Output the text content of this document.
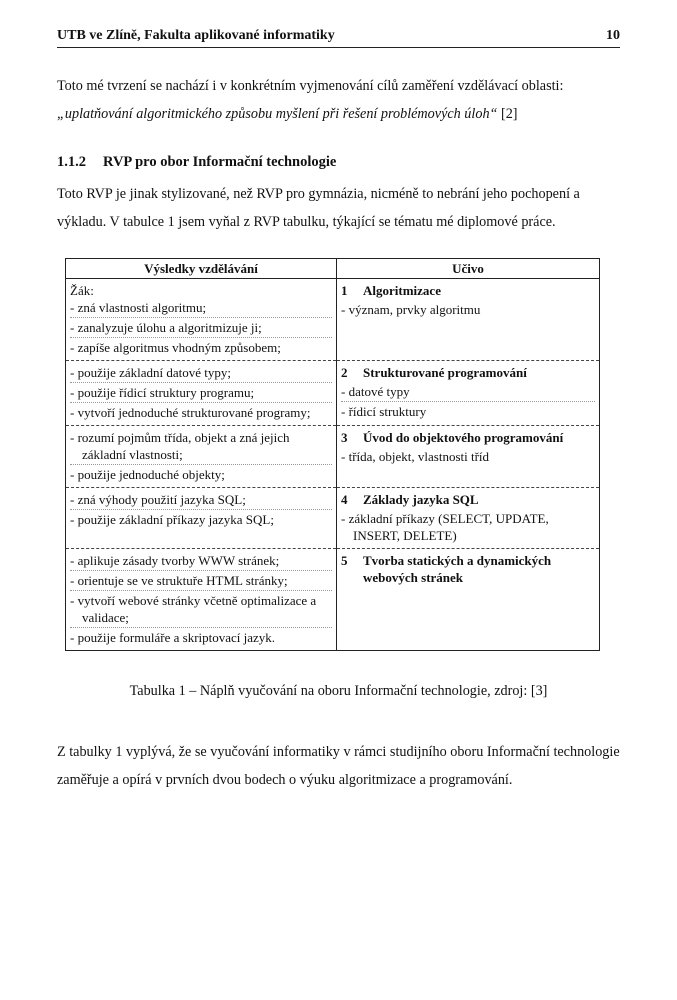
UTB ve Zlíně, Fakulta aplikované informatiky	10

Toto mé tvrzení se nachází i v konkrétním vyjmenování cílů zaměření vzdělávací oblasti:
„uplatňování algoritmického způsobu myšlení při řešení problémových úloh“ [2]

1.1.2 RVP pro obor Informační technologie

Toto RVP je jinak stylizované, než RVP pro gymnázia, nicméně to nebrání jeho pochopení a výkladu. V tabulce 1 jsem vyňal z RVP tabulku, týkající se tématu mé diplomové práce.

Výsledky vzdělávání	Učivo

Žák:
- zná vlastnosti algoritmu;
- zanalyzuje úlohu a algoritmizuje ji;
- zapíše algoritmus vhodným způsobem;	1 Algoritmizace
- význam, prvky algoritmu

- použije základní datové typy;
- použije řídicí struktury programu;
- vytvoří jednoduché strukturované programy;	2 Strukturované programování
- datové typy
- řídicí struktury

- rozumí pojmům třída, objekt a zná jejich základní vlastnosti;
- použije jednoduché objekty;	3 Úvod do objektového programování
- třída, objekt, vlastnosti tříd

- zná výhody použití jazyka SQL;
- použije základní příkazy jazyka SQL;	4 Základy jazyka SQL
- základní příkazy (SELECT, UPDATE, INSERT, DELETE)

- aplikuje zásady tvorby WWW stránek;
- orientuje se ve struktuře HTML stránky;
- vytvoří webové stránky včetně optimalizace a validace;
- použije formuláře a skriptovací jazyk.	5 Tvorba statických a dynamických webových stránek
Tabulka 1 – Náplň vyučování na oboru Informační technologie, zdroj: [3]

Z tabulky 1 vyplývá, že se vyučování informatiky v rámci studijního oboru Informační technologie zaměřuje a opírá v prvních dvou bodech o výuku algoritmizace a programování.
